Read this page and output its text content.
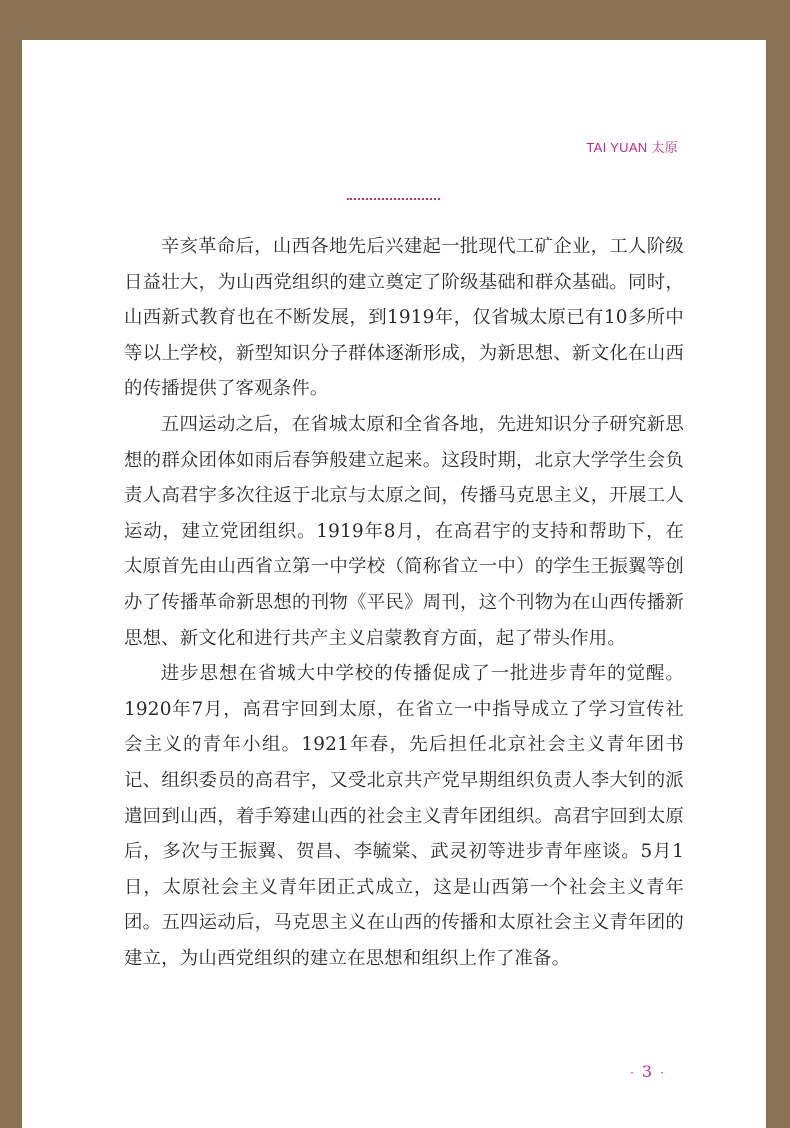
TAI YUAN 太原

辛亥革命后，山西各地先后兴建起一批现代工矿企业，工人阶级日益壮大，为山西党组织的建立奠定了阶级基础和群众基础。同时，山西新式教育也在不断发展，到1919年，仅省城太原已有10多所中等以上学校，新型知识分子群体逐渐形成，为新思想、新文化在山西的传播提供了客观条件。

五四运动之后，在省城太原和全省各地，先进知识分子研究新思想的群众团体如雨后春笋般建立起来。这段时期，北京大学学生会负责人高君宇多次往返于北京与太原之间，传播马克思主义，开展工人运动，建立党团组织。1919年8月，在高君宇的支持和帮助下，在太原首先由山西省立第一中学校（简称省立一中）的学生王振翼等创办了传播革命新思想的刊物《平民》周刊，这个刊物为在山西传播新思想、新文化和进行共产主义启蒙教育方面，起了带头作用。

进步思想在省城大中学校的传播促成了一批进步青年的觉醒。1920年7月，高君宇回到太原，在省立一中指导成立了学习宣传社会主义的青年小组。1921年春，先后担任北京社会主义青年团书记、组织委员的高君宇，又受北京共产党早期组织负责人李大钊的派遣回到山西，着手筹建山西的社会主义青年团组织。高君宇回到太原后，多次与王振翼、贺昌、李毓棠、武灵初等进步青年座谈。5月1日，太原社会主义青年团正式成立，这是山西第一个社会主义青年团。五四运动后，马克思主义在山西的传播和太原社会主义青年团的建立，为山西党组织的建立在思想和组织上作了准备。

· 3 ·
